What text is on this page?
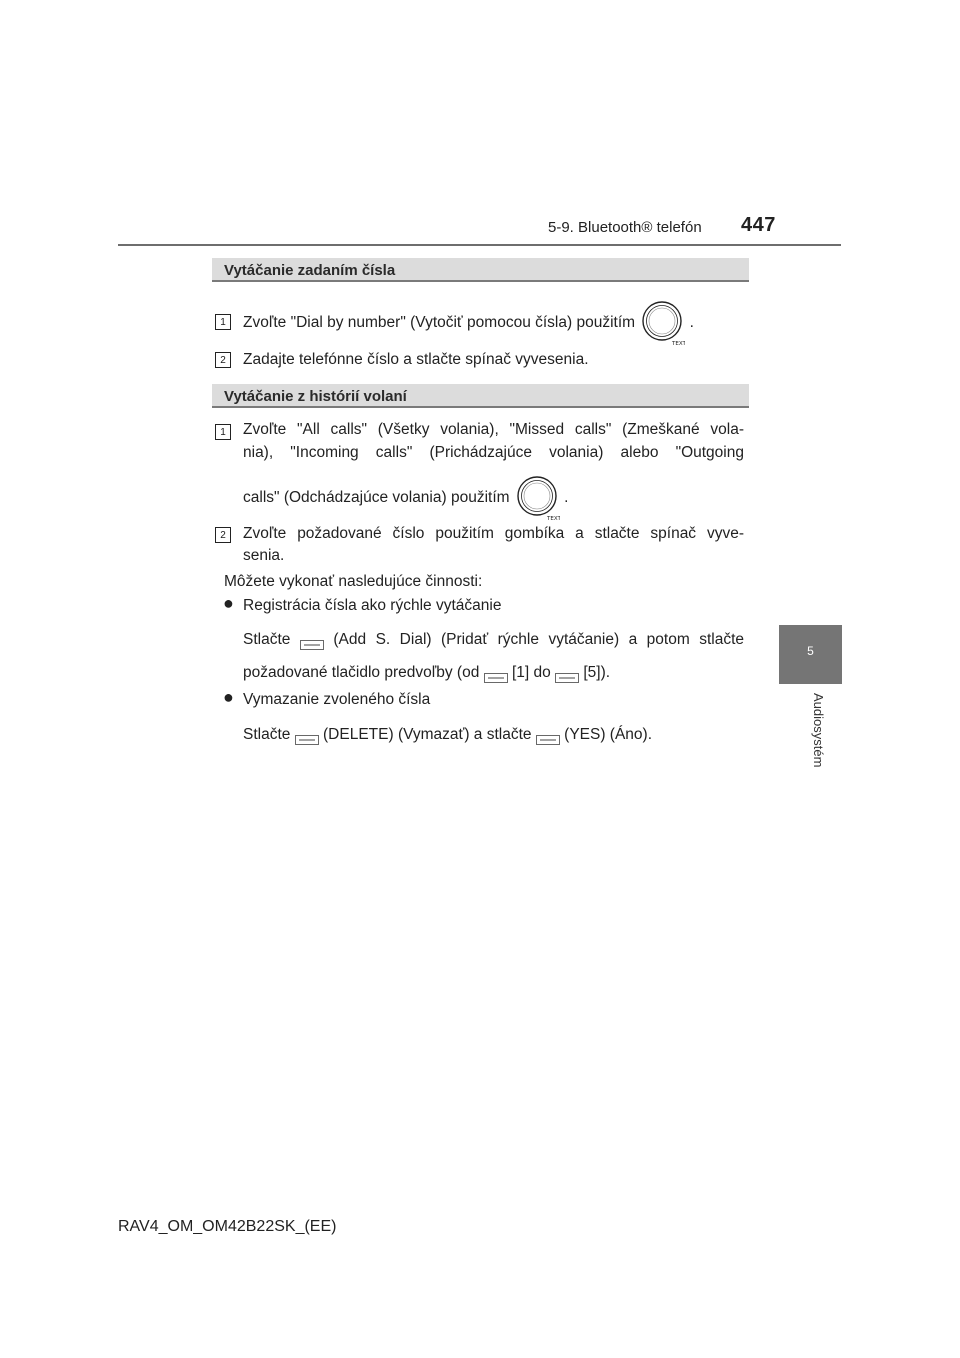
5-9. Bluetooth® telefón 447
5
Audiosystém
Vytáčanie zadaním čísla
1	Zvoľte "Dial by number" (Vytočiť pomocou čísla) použitím
TEXT
.
2	Zadajte telefónne číslo a stlačte spínač vyvesenia.
Vytáčanie z histórií volaní
1	Zvoľte "All calls" (Všetky volania), "Missed calls" (Zmeškané vola-
nia), "Incoming calls" (Prichádzajúce volania) alebo "Outgoing
calls" (Odchádzajúce volania) použitím
TEXT
.
2	Zvoľte požadované číslo použitím gombíka a stlačte spínač vyve-
senia.
Môžete vykonať nasledujúce činnosti:
● Registrácia čísla ako rýchle vytáčanie
Stlačte	(Add S. Dial) (Pridať rýchle vytáčanie) a potom stlačte
požadované tlačidlo predvoľby (od [1] do [5]).
● Vymazanie zvoleného čísla
Stlačte (DELETE) (Vymazať) a stlačte (YES) (Áno).
RAV4_OM_OM42B22SK_(EE)
